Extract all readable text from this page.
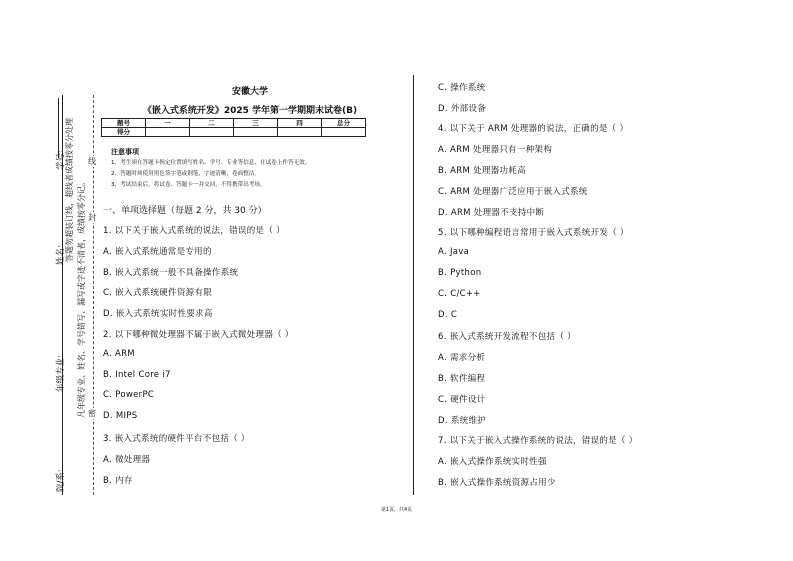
学号:
姓名:
年级专业:
院/系:
答题勿超装订线，超线者成绩按零分处理 凡年级专业、姓名、学号错写、漏写或字迹不清者，成绩按零分记。 封
线
密
安徽大学
《嵌入式系统开发》2025 学年第一学期期末试卷(B)
题号	一	二	三	四	总分
得分					
注意事项
1、考生须在答题卡指定位置填写姓名、学号、专业等信息，在试卷上作答无效。
2、答题时须使用黑色签字笔或钢笔，字迹清晰，卷面整洁。
3、考试结束后，将试卷、答题卡一并交回，不得携带出考场。
一、单项选择题（每题 2 分，共 30 分）
1. 以下关于嵌入式系统的说法，错误的是（ ）
A. 嵌入式系统通常是专用的
B. 嵌入式系统一般不具备操作系统
C. 嵌入式系统硬件资源有限
D. 嵌入式系统实时性要求高
2. 以下哪种微处理器不属于嵌入式微处理器（ ）
A. ARM
B. Intel Core i7
C. PowerPC
D. MIPS
3. 嵌入式系统的硬件平台不包括（ ）
A. 微处理器
B. 内存
C. 操作系统
D. 外部设备
4. 以下关于 ARM 处理器的说法，正确的是（ ）
A. ARM 处理器只有一种架构
B. ARM 处理器功耗高
C. ARM 处理器广泛应用于嵌入式系统
D. ARM 处理器不支持中断
5. 以下哪种编程语言常用于嵌入式系统开发（ ）
A. Java
B. Python
C. C/C++
D. C
6. 嵌入式系统开发流程不包括（ ）
A. 需求分析
B. 软件编程
C. 硬件设计
D. 系统维护
7. 以下关于嵌入式操作系统的说法，错误的是（ ）
A. 嵌入式操作系统实时性强
B. 嵌入式操作系统资源占用少
第1页，共4页
